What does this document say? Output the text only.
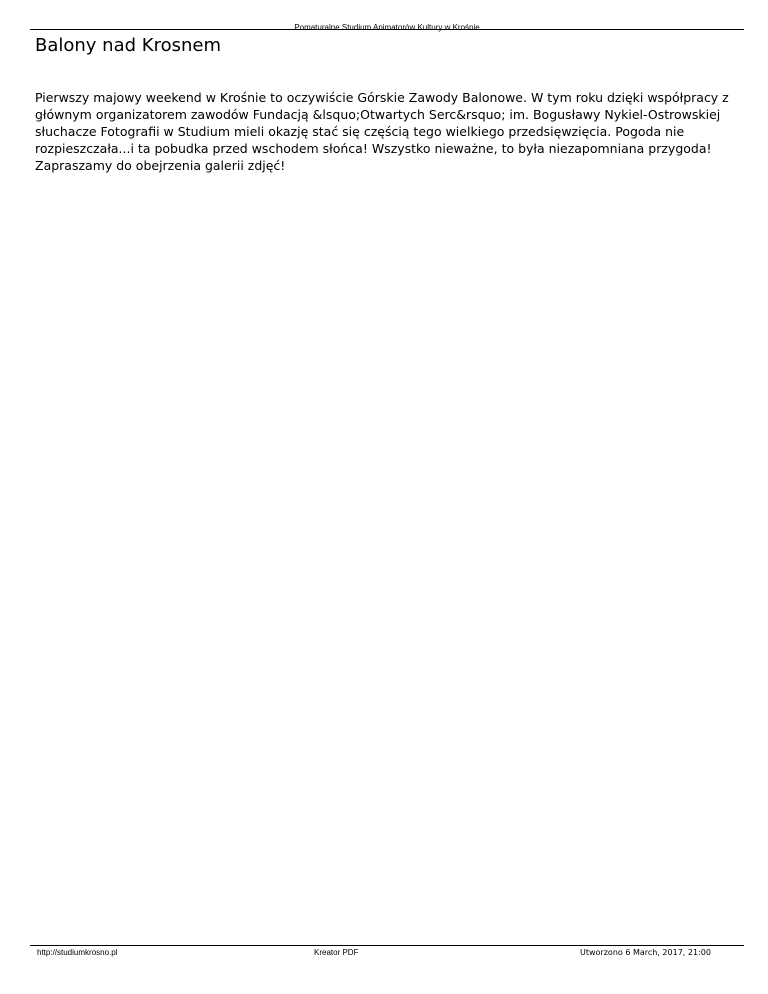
Pomaturalne Studium Animatorów Kultury w Krośnie
Balony nad Krosnem

Pierwszy majowy weekend w Krośnie to oczywiście Górskie Zawody Balonowe. W tym roku dzięki współpracy z głównym organizatorem zawodów Fundacją &lsquo;Otwartych Serc&rsquo; im. Bogusławy Nykiel-Ostrowskiej słuchacze Fotografii w Studium mieli okazję stać się częścią tego wielkiego przedsięwzięcia. Pogoda nie rozpieszczała...i ta pobudka przed wschodem słońca! Wszystko nieważne, to była niezapomniana przygoda!

Zapraszamy do obejrzenia galerii zdjęć!

http://studiumkrosno.pl	Kreator PDF	Utworzono 6 March, 2017, 21:00
